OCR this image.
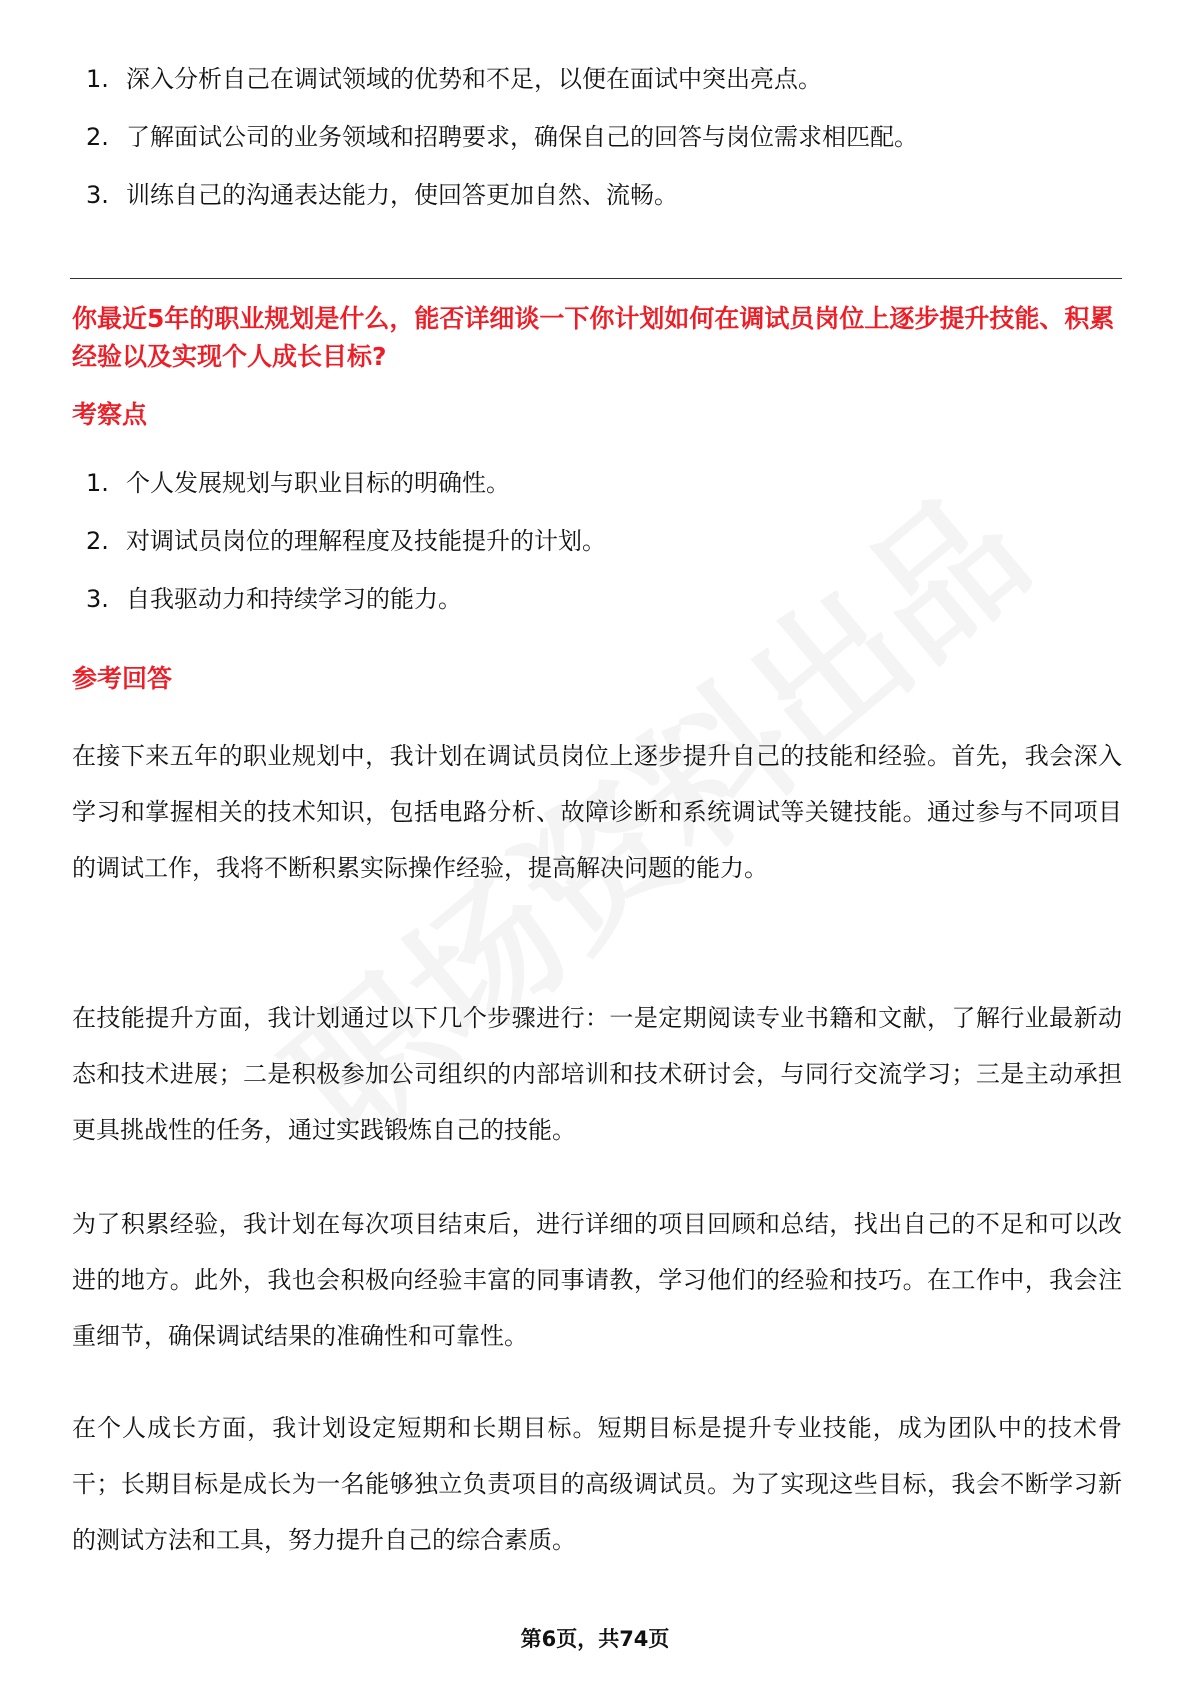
1. 深入分析自己在调试领域的优势和不足，以便在面试中突出亮点。
2. 了解面试公司的业务领域和招聘要求，确保自己的回答与岗位需求相匹配。
3. 训练自己的沟通表达能力，使回答更加自然、流畅。
你最近5年的职业规划是什么，能否详细谈一下你计划如何在调试员岗位上逐步提升技能、积累经验以及实现个人成长目标?
考察点
1. 个人发展规划与职业目标的明确性。
2. 对调试员岗位的理解程度及技能提升的计划。
3. 自我驱动力和持续学习的能力。
参考回答

在接下来五年的职业规划中，我计划在调试员岗位上逐步提升自己的技能和经验。首先，我会深入学习和掌握相关的技术知识，包括电路分析、故障诊断和系统调试等关键技能。通过参与不同项目的调试工作，我将不断积累实际操作经验，提高解决问题的能力。

在技能提升方面，我计划通过以下几个步骤进行：一是定期阅读专业书籍和文献，了解行业最新动态和技术进展；二是积极参加公司组织的内部培训和技术研讨会，与同行交流学习；三是主动承担更具挑战性的任务，通过实践锻炼自己的技能。

为了积累经验，我计划在每次项目结束后，进行详细的项目回顾和总结，找出自己的不足和可以改进的地方。此外，我也会积极向经验丰富的同事请教，学习他们的经验和技巧。在工作中，我会注重细节，确保调试结果的准确性和可靠性。

在个人成长方面，我计划设定短期和长期目标。短期目标是提升专业技能，成为团队中的技术骨干；长期目标是成长为一名能够独立负责项目的高级调试员。为了实现这些目标，我会不断学习新的测试方法和工具，努力提升自己的综合素质。

第6页，共74页
